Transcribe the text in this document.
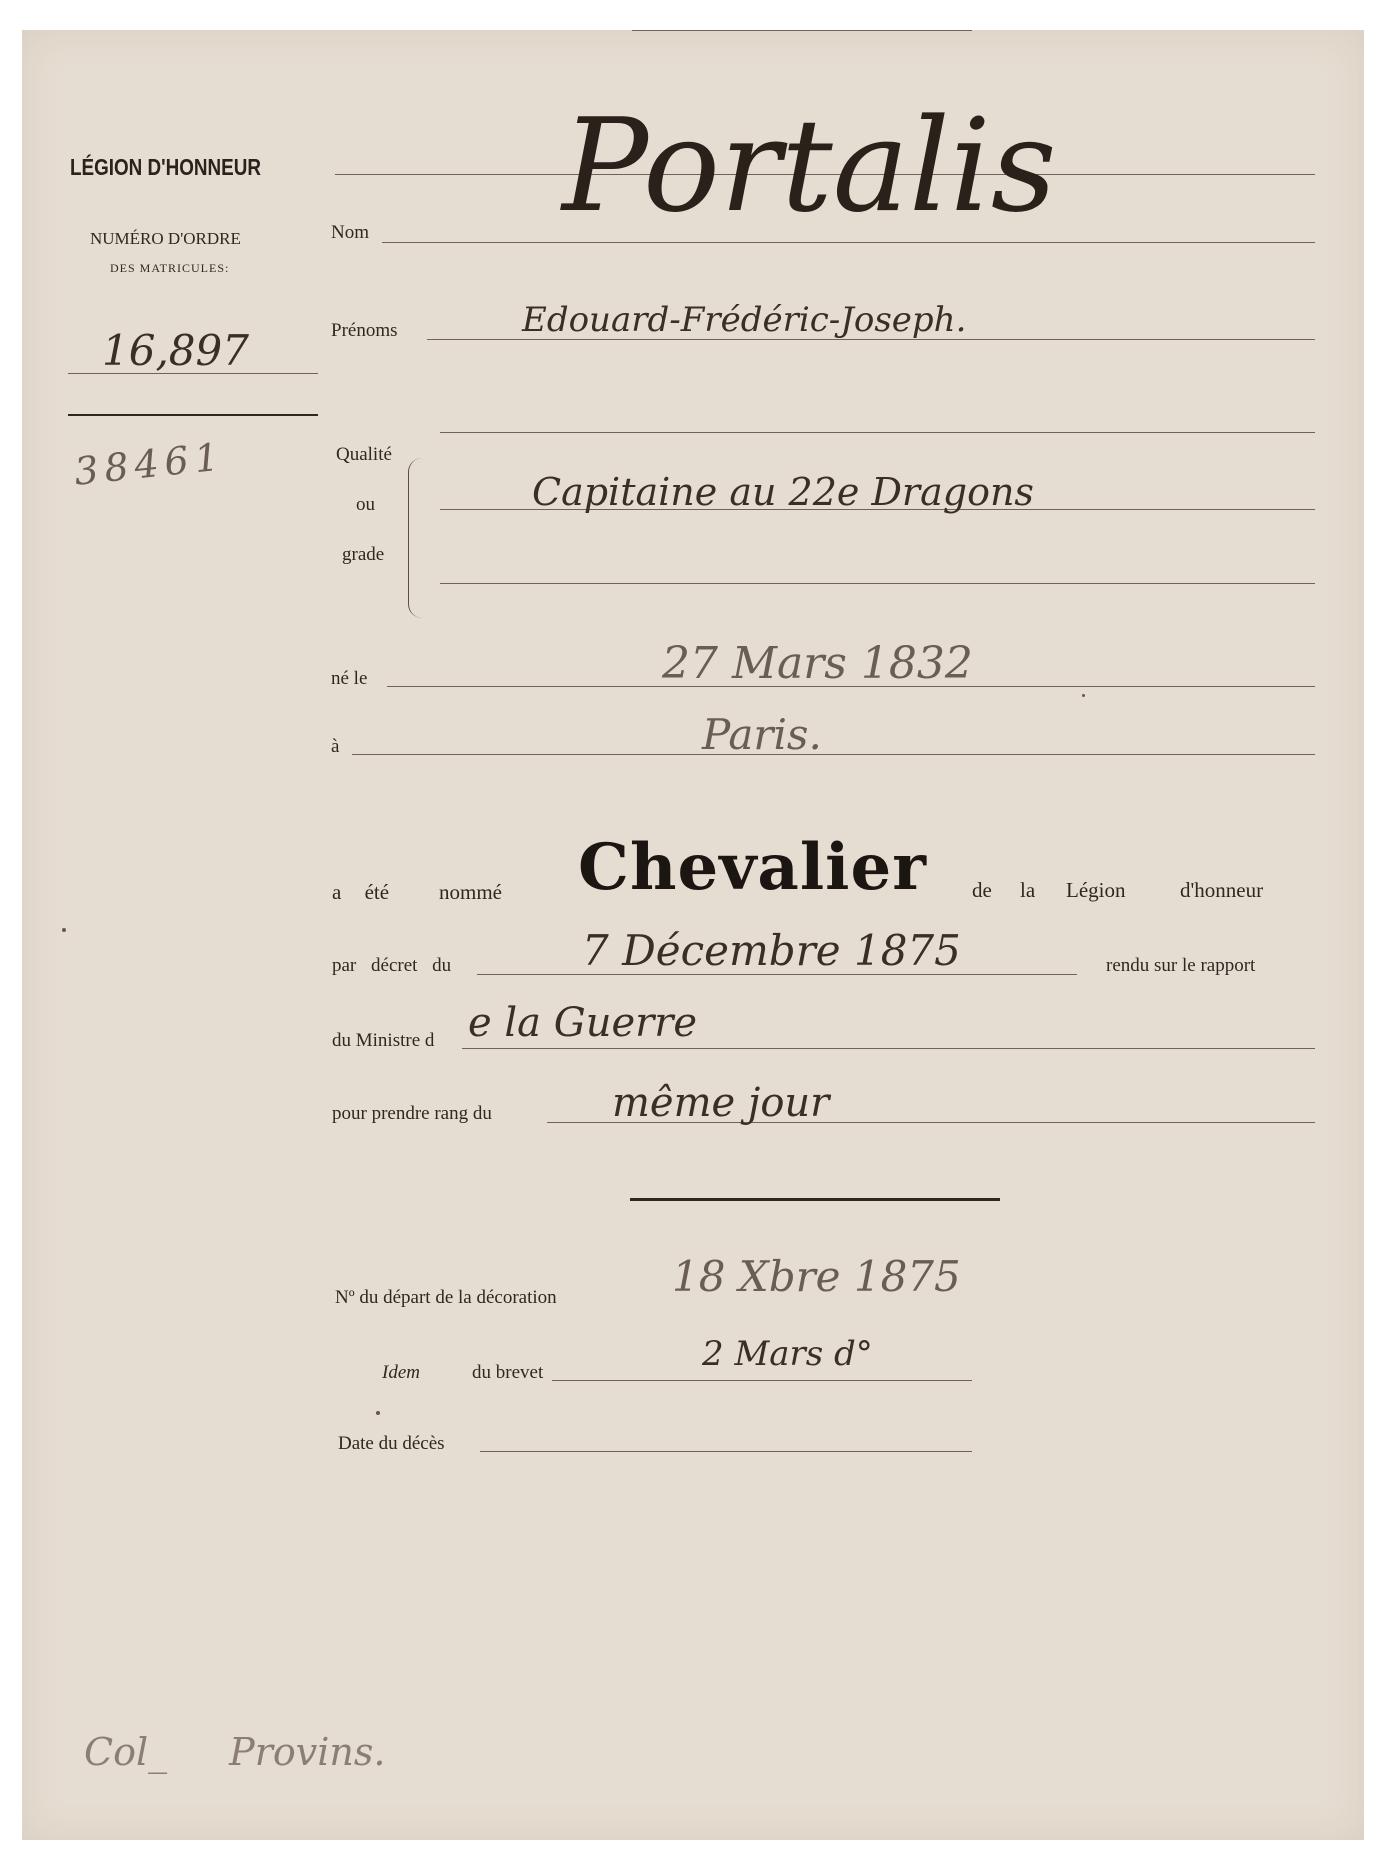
LÉGION D'HONNEUR
NUMÉRO D'ORDRE
DES MATRICULES:
16,897
38461
Nom Portalis
Prénoms	Edouard-Frédéric-Joseph.
Qualité
ou
grade
Capitaine au 22e Dragons
né le	27 Mars 1832
à	Paris.
a été nommé Chevalier de la Légion	d'honneur
par décret du	7 Décembre 1875	rendu sur le rapport
du Ministre d e la Guerre
pour prendre rang du	même jour
Nº du départ de la décoration	18 Xbre 1875
Idem	du brevet	2 Mars d°
Date du décès
Col_ Provins.
